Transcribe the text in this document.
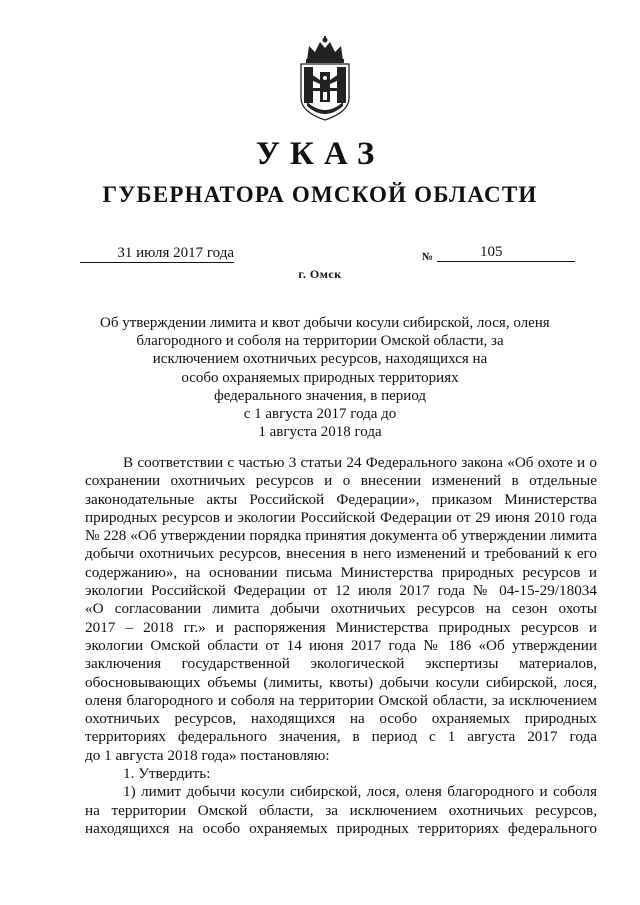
УКАЗ
ГУБЕРНАТОРА ОМСКОЙ ОБЛАСТИ
31 июля 2017 года	№	105
г. Омск
Об утверждении лимита и квот добычи косули сибирской, лося, оленя
благородного и соболя на территории Омской области, за
исключением охотничьих ресурсов, находящихся на
особо охраняемых природных территориях
федерального значения, в период
с 1 августа 2017 года до
1 августа 2018 года
В соответствии с частью 3 статьи 24 Федерального закона «Об охоте и о
сохранении охотничьих ресурсов и о внесении изменений в отдельные
законодательные акты Российской Федерации», приказом Министерства
природных ресурсов и экологии Российской Федерации от 29 июня 2010 года
№ 228 «Об утверждении порядка принятия документа об утверждении лимита
добычи охотничьих ресурсов, внесения в него изменений и требований к его
содержанию», на основании письма Министерства природных ресурсов и
экологии Российской Федерации от 12 июля 2017 года № 04-15-29/18034
«О согласовании лимита добычи охотничьих ресурсов на сезон охоты
2017 – 2018 гг.» и распоряжения Министерства природных ресурсов и
экологии Омской области от 14 июня 2017 года № 186 «Об утверждении
заключения государственной экологической экспертизы материалов,
обосновывающих объемы (лимиты, квоты) добычи косули сибирской, лося,
оленя благородного и соболя на территории Омской области, за исключением
охотничьих ресурсов, находящихся на особо охраняемых природных
территориях федерального значения, в период с 1 августа 2017 года
до 1 августа 2018 года» постановляю:
1. Утвердить:
1) лимит добычи косули сибирской, лося, оленя благородного и соболя
на территории Омской области, за исключением охотничьих ресурсов,
находящихся на особо охраняемых природных территориях федерального
